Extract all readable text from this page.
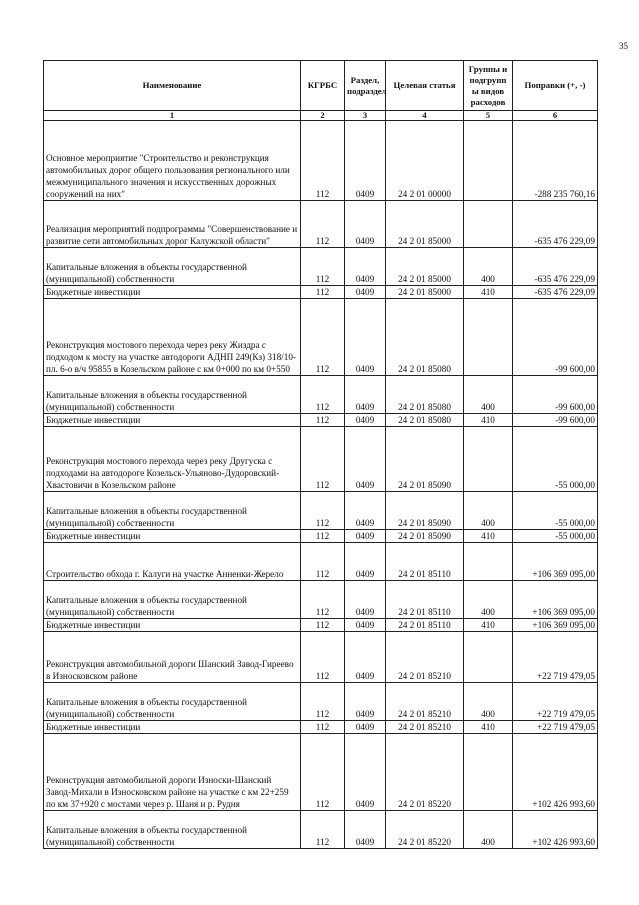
35
Наименование	КГРБС	Раздел, подраздел	Целевая статья	Группы и подгрупп ы видов расходов	Поправки (+, -)
1	2	3	4	5	6
Основное мероприятие "Строительство и реконструкция автомобильных дорог общего пользования регионального или межмуниципального значения и искусственных дорожных сооружений на них"	112	0409	24 2 01 00000		-288 235 760,16
Реализация мероприятий подпрограммы "Совершенствование и развитие сети автомобильных дорог Калужской области"	112	0409	24 2 01 85000		-635 476 229,09
Капитальные вложения в объекты государственной (муниципальной) собственности	112	0409	24 2 01 85000	400	-635 476 229,09
Бюджетные инвестиции	112	0409	24 2 01 85000	410	-635 476 229,09
Реконструкция мостового перехода через реку Жиздра с подходом к мосту на участке автодороги АДНП 249(Кз) 318/10-пл. 6-о в/ч 95855 в Козельском районе с км 0+000 по км 0+550	112	0409	24 2 01 85080		-99 600,00
Капитальные вложения в объекты государственной (муниципальной) собственности	112	0409	24 2 01 85080	400	-99 600,00
Бюджетные инвестиции	112	0409	24 2 01 85080	410	-99 600,00
Реконструкция мостового перехода через реку Другуска с подходами на автодороге Козельск-Ульяново-Дудоровский-Хвастовичи в Козельском районе	112	0409	24 2 01 85090		-55 000,00
Капитальные вложения в объекты государственной (муниципальной) собственности	112	0409	24 2 01 85090	400	-55 000,00
Бюджетные инвестиции	112	0409	24 2 01 85090	410	-55 000,00
Строительство обхода г. Калуги на участке Анненки-Жерело	112	0409	24 2 01 85110		+106 369 095,00
Капитальные вложения в объекты государственной (муниципальной) собственности	112	0409	24 2 01 85110	400	+106 369 095,00
Бюджетные инвестиции	112	0409	24 2 01 85110	410	+106 369 095,00
Реконструкция автомобильной дороги Шанский Завод-Гиреево в Износковском районе	112	0409	24 2 01 85210		+22 719 479,05
Капитальные вложения в объекты государственной (муниципальной) собственности	112	0409	24 2 01 85210	400	+22 719 479,05
Бюджетные инвестиции	112	0409	24 2 01 85210	410	+22 719 479,05
Реконструкция автомобильной дороги Износки-Шанский Завод-Михали в Износковском районе на участке с км 22+259 по км 37+920 с мостами через р. Шаня и р. Рудня	112	0409	24 2 01 85220		+102 426 993,60
Капитальные вложения в объекты государственной (муниципальной) собственности	112	0409	24 2 01 85220	400	+102 426 993,60
